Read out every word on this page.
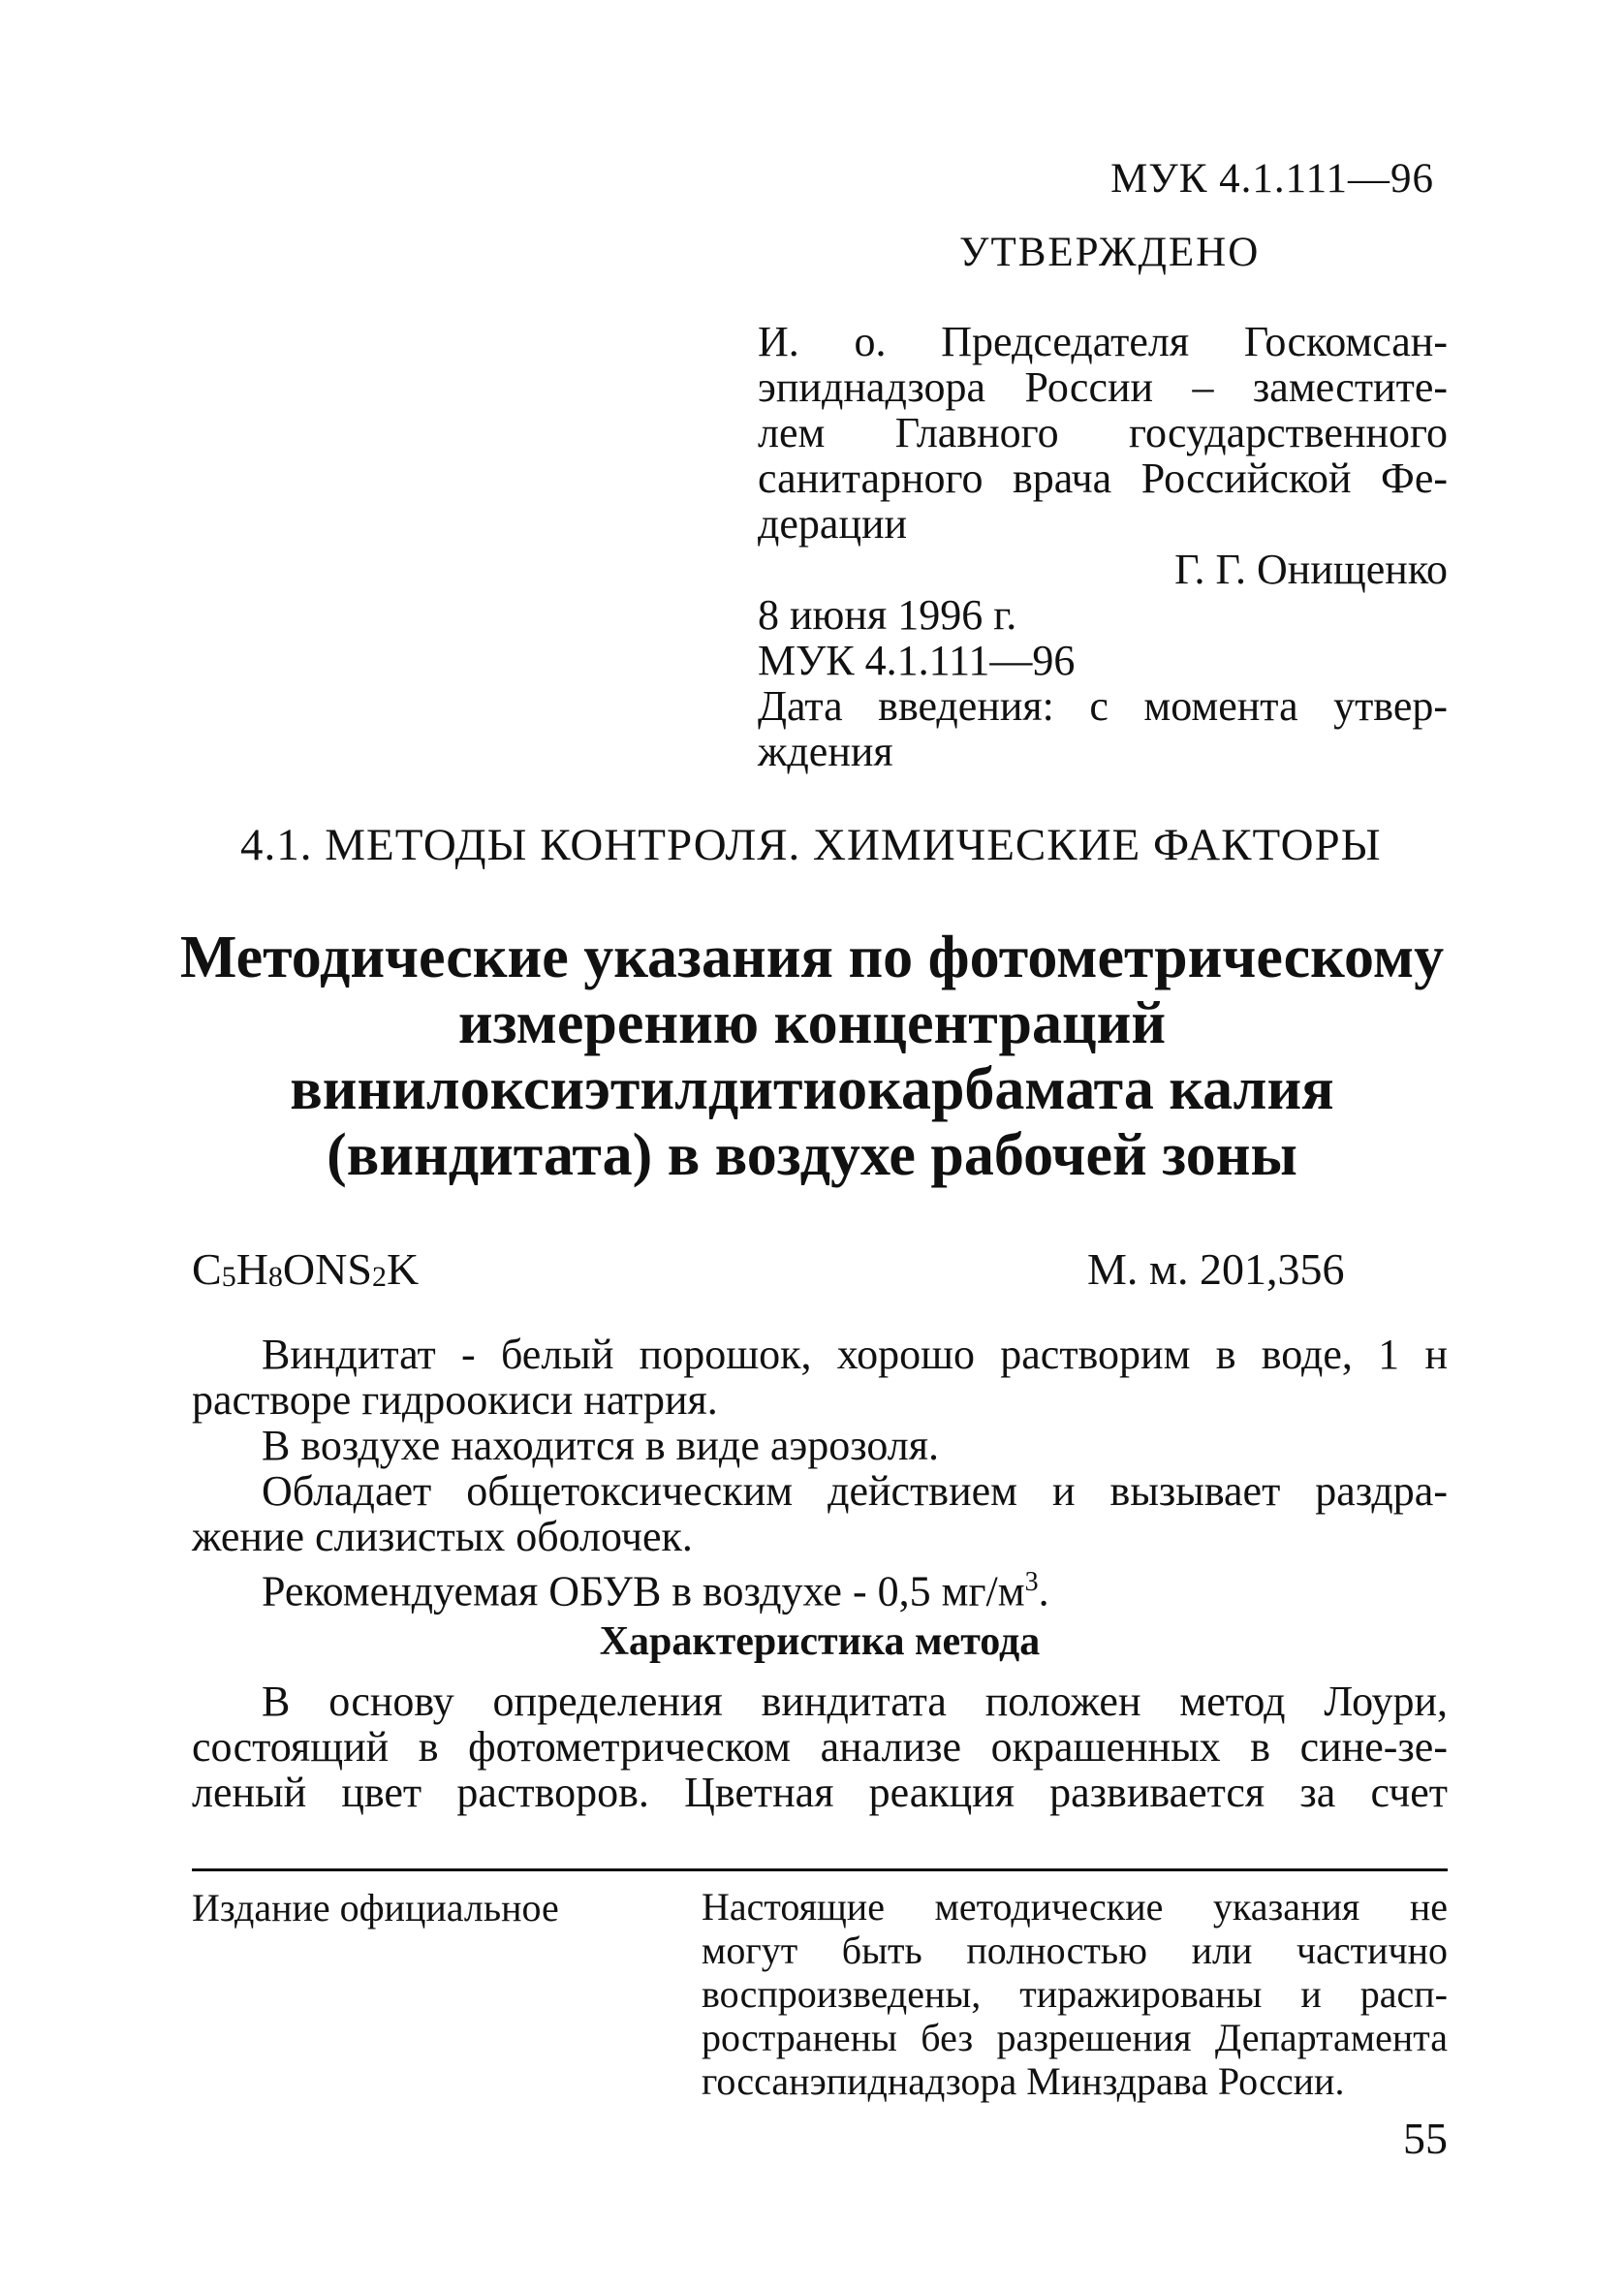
МУК 4.1.111—96
УТВЕРЖДЕНО
И. о. Председателя Госкомсан-
эпиднадзора России – заместите-
лем Главного государственного
санитарного врача Российской Фе-
дерации
Г. Г. Онищенко
8 июня 1996 г.
МУК 4.1.111—96
Дата введения: с момента утвер-
ждения
4.1. МЕТОДЫ КОНТРОЛЯ. ХИМИЧЕСКИЕ ФАКТОРЫ
Методические указания по фотометрическому
измерению концентраций
винилоксиэтилдитиокарбамата калия
(виндитата) в воздухе рабочей зоны
$C_5H_8ONS_2K$	М. м. 201,356
Виндитат - белый порошок, хорошо растворим в воде, 1 н
растворе гидроокиси натрия.
В воздухе находится в виде аэрозоля.
Обладает общетоксическим действием и вызывает раздра-
жение слизистых оболочек.
Рекомендуемая ОБУВ в воздухе - 0,5 $мг/м^3$.
Характеристика метода
В основу определения виндитата положен метод Лоури,
состоящий в фотометрическом анализе окрашенных в сине-зе-
леный цвет растворов. Цветная реакция развивается за счет
Издание официальное	Настоящие методические указания не
могут быть полностью или частично
воспроизведены, тиражированы и расп-
ространены без разрешения Департамента
госсанэпиднадзора Минздрава России.
55
